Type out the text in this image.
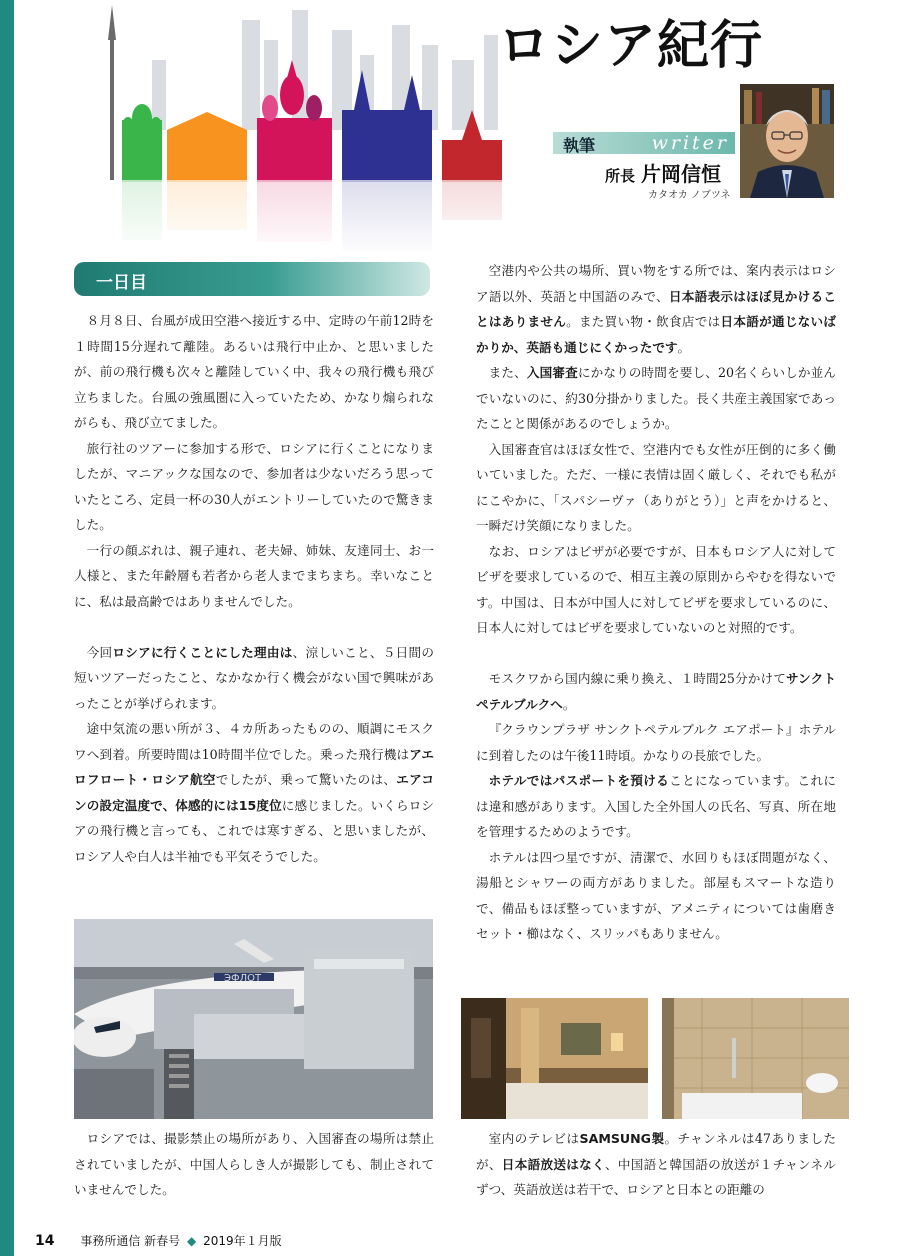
ロシア紀行
執筆	writer
所長 片岡信恒
カタオカ ノブツネ
一日目

８月８日、台風が成田空港へ接近する中、定時の午前12時を１時間15分遅れて離陸。あるいは飛行中止か、と思いましたが、前の飛行機も次々と離陸していく中、我々の飛行機も飛び立ちました。台風の強風圏に入っていたため、かなり煽られながらも、飛び立てました。

旅行社のツアーに参加する形で、ロシアに行くことになりましたが、マニアックな国なので、参加者は少ないだろう思っていたところ、定員一杯の30人がエントリーしていたので驚きました。

一行の顔ぶれは、親子連れ、老夫婦、姉妹、友達同士、お一人様と、また年齢層も若者から老人までまちまち。幸いなことに、私は最高齢ではありませんでした。

今回ロシアに行くことにした理由は、涼しいこと、５日間の短いツアーだったこと、なかなか行く機会がない国で興味があったことが挙げられます。

途中気流の悪い所が３、４カ所あったものの、順調にモスクワへ到着。所要時間は10時間半位でした。乗った飛行機はアエロフロート・ロシア航空でしたが、乗って驚いたのは、エアコンの設定温度で、体感的には15度位に感じました。いくらロシアの飛行機と言っても、これでは寒すぎる、と思いましたが、ロシア人や白人は半袖でも平気そうでした。

ЭФЛОТ

ロシアでは、撮影禁止の場所があり、入国審査の場所は禁止されていましたが、中国人らしき人が撮影しても、制止されていませんでした。

空港内や公共の場所、買い物をする所では、案内表示はロシア語以外、英語と中国語のみで、日本語表示はほぼ見かけることはありません。また買い物・飲食店では日本語が通じないばかりか、英語も通じにくかったです。

また、入国審査にかなりの時間を要し、20名くらいしか並んでいないのに、約30分掛かりました。長く共産主義国家であったことと関係があるのでしょうか。

入国審査官はほぼ女性で、空港内でも女性が圧倒的に多く働いていました。ただ、一様に表情は固く厳しく、それでも私がにこやかに、「スパシーヴァ（ありがとう）」と声をかけると、一瞬だけ笑顔になりました。

なお、ロシアはビザが必要ですが、日本もロシア人に対してビザを要求しているので、相互主義の原則からやむを得ないです。中国は、日本が中国人に対してビザを要求しているのに、日本人に対してはビザを要求していないのと対照的です。

モスクワから国内線に乗り換え、１時間25分かけてサンクトペテルブルクへ。

『クラウンプラザ サンクトペテルブルク エアポート』ホテルに到着したのは午後11時頃。かなりの長旅でした。

ホテルではパスポートを預けることになっています。これには違和感があります。入国した全外国人の氏名、写真、所在地を管理するためのようです。

ホテルは四つ星ですが、清潔で、水回りもほぼ問題がなく、湯船とシャワーの両方がありました。部屋もスマートな造りで、備品もほぼ整っていますが、アメニティについては歯磨きセット・櫛はなく、スリッパもありません。

室内のテレビはSAMSUNG製。チャンネルは47ありましたが、日本語放送はなく、中国語と韓国語の放送が１チャンネルずつ、英語放送は若干で、ロシアと日本との距離の

14 事務所通信 新春号 ◆ 2019年１月版
